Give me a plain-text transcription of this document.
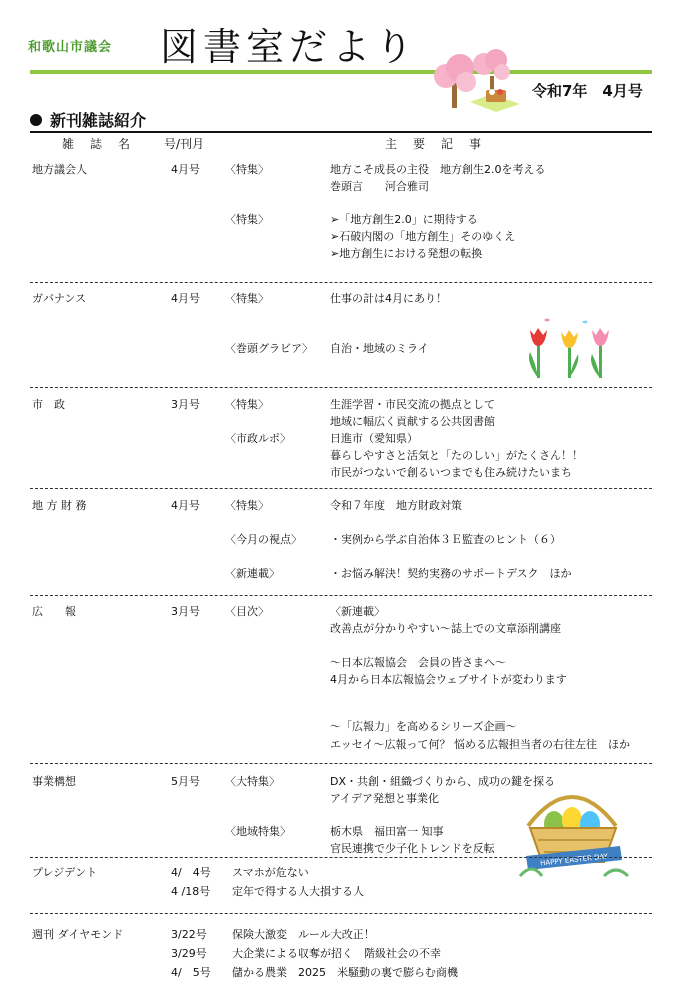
和歌山市議会 図書室だより
令和7年　4月号
新刊雑誌紹介
雑　誌　名	号/刊月	主　要　記　事
地方議会人	4月号 〈特集〉	地方こそ成長の主役　地方創生2.0を考える
巻頭言　　河合雅司
〈特集〉	➢「地方創生2.0」に期待する
➢石破内閣の「地方創生」そのゆくえ
➢地方創生における発想の転換
ガバナンス	4月号 〈特集〉	仕事の計は4月にあり！
〈巻頭グラビア〉 自治・地域のミライ
市　政	3月号 〈特集〉	生涯学習・市民交流の拠点として
地域に幅広く貢献する公共図書館
〈市政ルポ〉	日進市（愛知県）
暮らしやすさと活気と「たのしい」がたくさん！！
市民がつないで創るいつまでも住み続けたいまち
地 方 財 務	4月号 〈特集〉	令和７年度　地方財政対策
〈今月の視点〉	・実例から学ぶ自治体３Ｅ監査のヒント（６）
〈新連載〉	・お悩み解決！契約実務のサポートデスク　ほか
広　　報	3月号 〈目次〉	〈新連載〉
改善点が分かりやすい～誌上での文章添削講座
～日本広報協会　会員の皆さまへ～
4月から日本広報協会ウェブサイトが変わります
～「広報力」を高めるシリーズ企画～
エッセイ～広報って何？ 悩める広報担当者の右往左往　ほか
事業構想	5月号 〈大特集〉	DX・共創・組織づくりから、成功の鍵を探る
アイデア発想と事業化
〈地域特集〉	栃木県　福田富一 知事
官民連携で少子化トレンドを反転
HAPPY EASTER DAY
プレジデント	4/　4号 スマホが危ない
4 /18号 定年で得する人大損する人
週刊 ダイヤモンド	3/22号 保険大激変　ルール大改正！
3/29号 大企業による収奪が招く　階級社会の不幸
4/　5号 儲かる農業　2025　米騒動の裏で膨らむ商機
